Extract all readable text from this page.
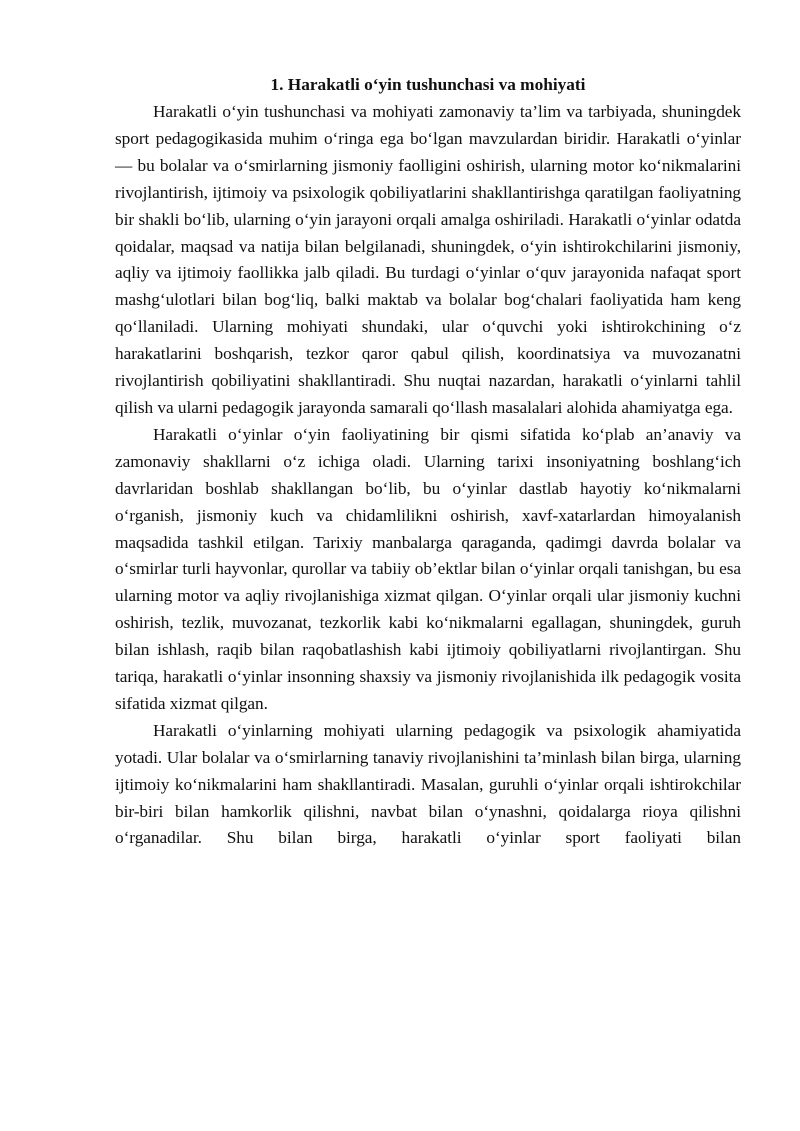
1. Harakatli o‘yin tushunchasi va mohiyati

Harakatli o‘yin tushunchasi va mohiyati zamonaviy ta’lim va tarbiyada, shuningdek sport pedagogikasida muhim o‘ringa ega bo‘lgan mavzulardan biridir. Harakatli o‘yinlar — bu bolalar va o‘smirlarning jismoniy faolligini oshirish, ularning motor ko‘nikmalarini rivojlantirish, ijtimoiy va psixologik qobiliyatlarini shakllantirishga qaratilgan faoliyatning bir shakli bo‘lib, ularning o‘yin jarayoni orqali amalga oshiriladi. Harakatli o‘yinlar odatda qoidalar, maqsad va natija bilan belgilanadi, shuningdek, o‘yin ishtirokchilarini jismoniy, aqliy va ijtimoiy faollikka jalb qiladi. Bu turdagi o‘yinlar o‘quv jarayonida nafaqat sport mashg‘ulotlari bilan bog‘liq, balki maktab va bolalar bog‘chalari faoliyatida ham keng qo‘llaniladi. Ularning mohiyati shundaki, ular o‘quvchi yoki ishtirokchining o‘z harakatlarini boshqarish, tezkor qaror qabul qilish, koordinatsiya va muvozanatni rivojlantirish qobiliyatini shakllantiradi. Shu nuqtai nazardan, harakatli o‘yinlarni tahlil qilish va ularni pedagogik jarayonda samarali qo‘llash masalalari alohida ahamiyatga ega.

Harakatli o‘yinlar o‘yin faoliyatining bir qismi sifatida ko‘plab an’anaviy va zamonaviy shakllarni o‘z ichiga oladi. Ularning tarixi insoniyatning boshlang‘ich davrlaridan boshlab shakllangan bo‘lib, bu o‘yinlar dastlab hayotiy ko‘nikmalarni o‘rganish, jismoniy kuch va chidamlilikni oshirish, xavf-xatarlardan himoyalanish maqsadida tashkil etilgan. Tarixiy manbalarga qaraganda, qadimgi davrda bolalar va o‘smirlar turli hayvonlar, qurollar va tabiiy ob’ektlar bilan o‘yinlar orqali tanishgan, bu esa ularning motor va aqliy rivojlanishiga xizmat qilgan. O‘yinlar orqali ular jismoniy kuchni oshirish, tezlik, muvozanat, tezkorlik kabi ko‘nikmalarni egallagan, shuningdek, guruh bilan ishlash, raqib bilan raqobatlashish kabi ijtimoiy qobiliyatlarni rivojlantirgan. Shu tariqa, harakatli o‘yinlar insonning shaxsiy va jismoniy rivojlanishida ilk pedagogik vosita sifatida xizmat qilgan.

Harakatli o‘yinlarning mohiyati ularning pedagogik va psixologik ahamiyatida yotadi. Ular bolalar va o‘smirlarning tanaviy rivojlanishini ta’minlash bilan birga, ularning ijtimoiy ko‘nikmalarini ham shakllantiradi. Masalan, guruhli o‘yinlar orqali ishtirokchilar bir-biri bilan hamkorlik qilishni, navbat bilan o‘ynashni, qoidalarga rioya qilishni o‘rganadilar. Shu bilan birga, harakatli o‘yinlar sport faoliyati bilan
